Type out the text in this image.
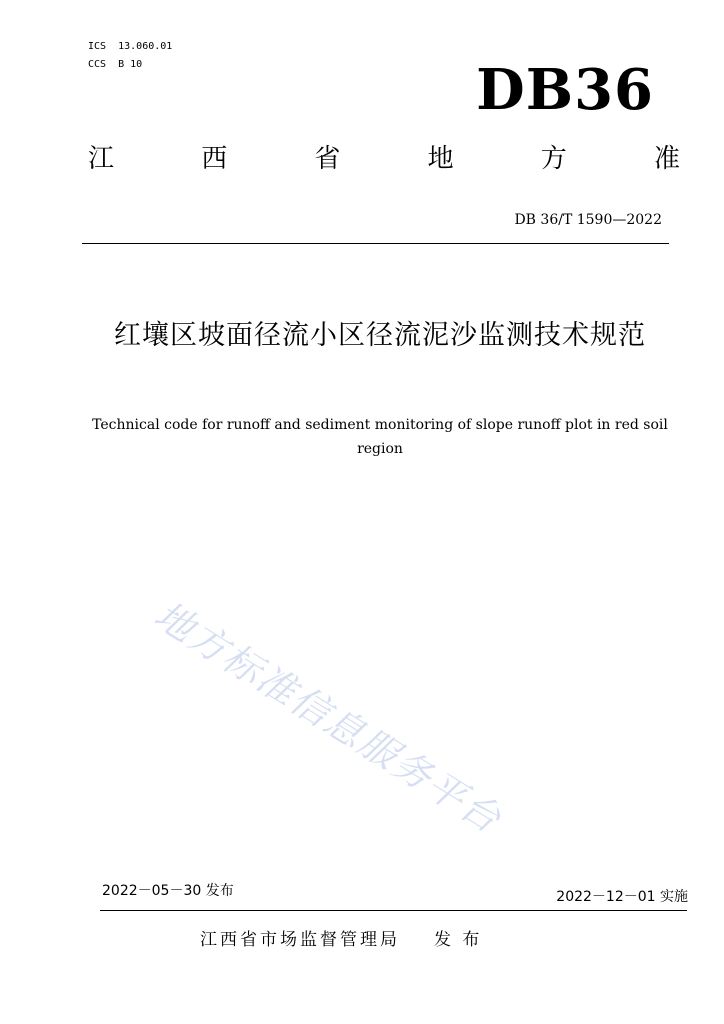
ICS 13.060.01
CCS B 10	DB36
江	西	省	地	方	准
DB 36/T 1590—2022
红壤区坡面径流小区径流泥沙监测技术规范
Technical code for runoff and sediment monitoring of slope runoff plot in red soil region
地方标准信息服务平台
2022－05－30 发布	2022－12－01 实施
江西省市场监督管理局 发 布
